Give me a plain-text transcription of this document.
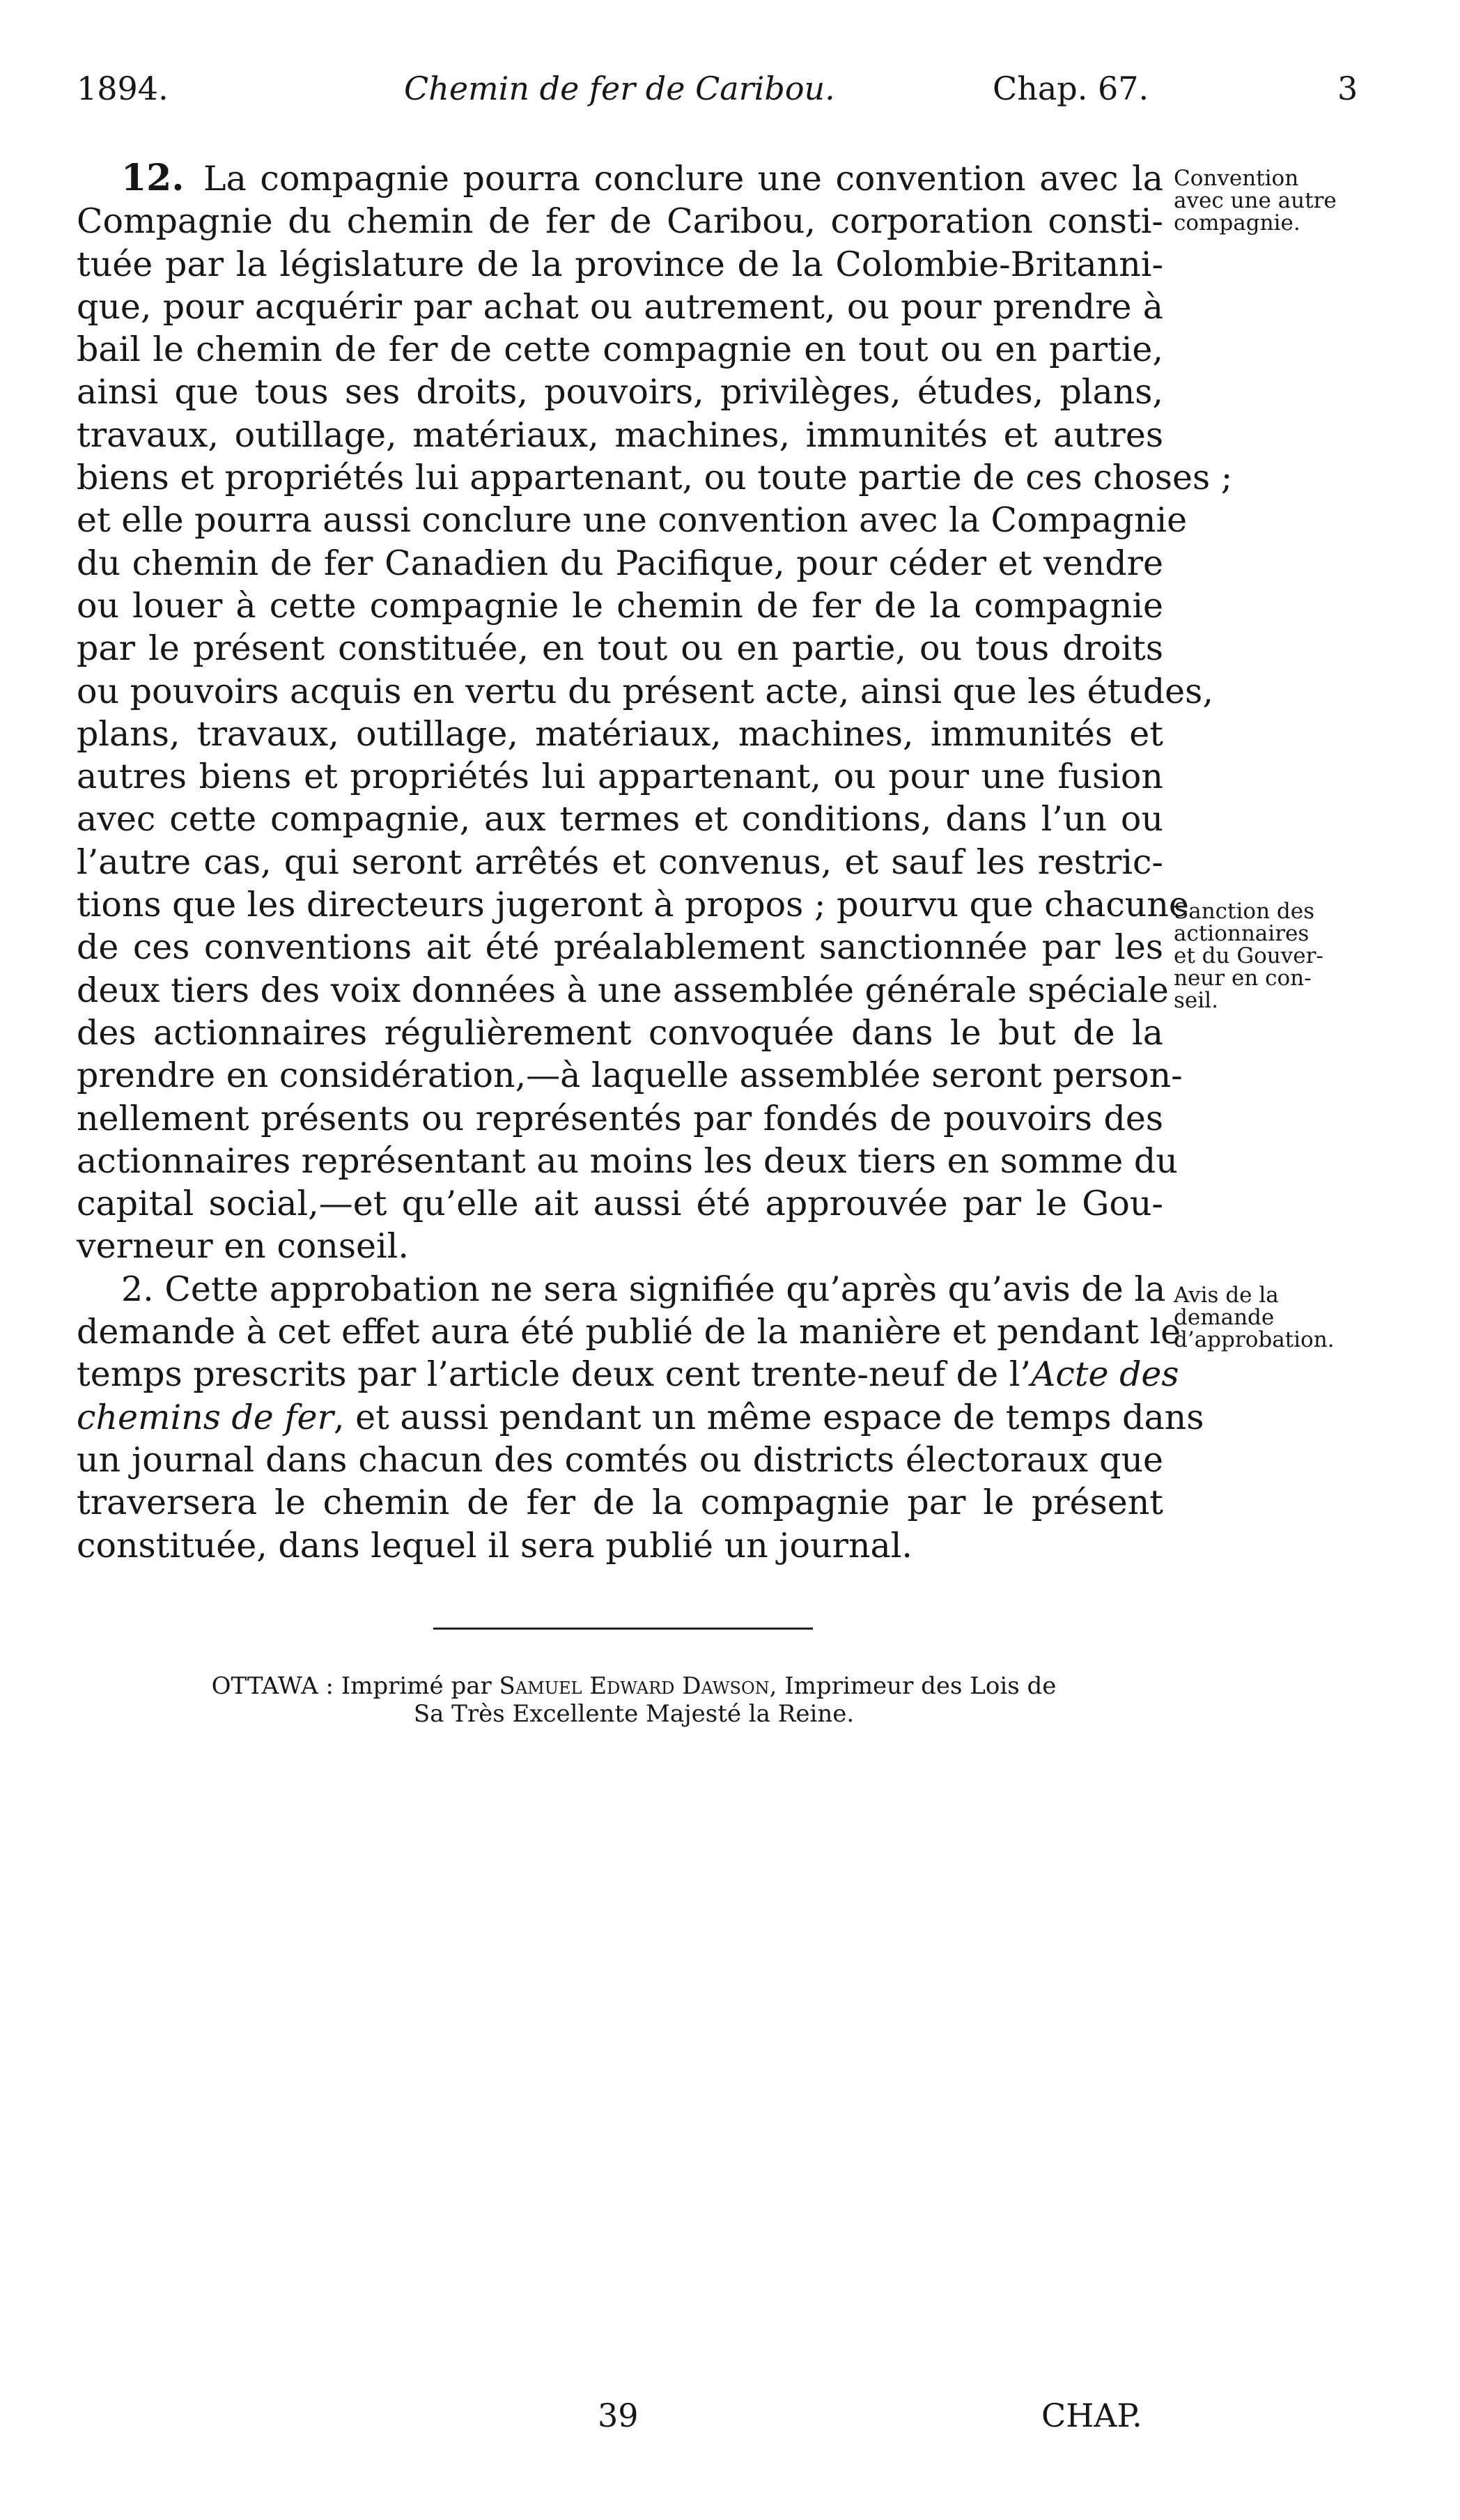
1894.	Chemin de fer de Caribou.	Chap. 67.	3

12. La compagnie pourra conclure une convention avec la
Compagnie du chemin de fer de Caribou, corporation consti-
tuée par la législature de la province de la Colombie-Britanni-
que, pour acquérir par achat ou autrement, ou pour prendre à
bail le chemin de fer de cette compagnie en tout ou en partie,
ainsi que tous ses droits, pouvoirs, privilèges, études, plans,
travaux, outillage, matériaux, machines, immunités et autres
biens et propriétés lui appartenant, ou toute partie de ces choses ;
et elle pourra aussi conclure une convention avec la Compagnie
du chemin de fer Canadien du Pacifique, pour céder et vendre
ou louer à cette compagnie le chemin de fer de la compagnie
par le présent constituée, en tout ou en partie, ou tous droits
ou pouvoirs acquis en vertu du présent acte, ainsi que les études,
plans, travaux, outillage, matériaux, machines, immunités et
autres biens et propriétés lui appartenant, ou pour une fusion
avec cette compagnie, aux termes et conditions, dans l’un ou
l’autre cas, qui seront arrêtés et convenus, et sauf les restric-
tions que les directeurs jugeront à propos ; pourvu que chacune
de ces conventions ait été préalablement sanctionnée par les
deux tiers des voix données à une assemblée générale spéciale
des actionnaires régulièrement convoquée dans le but de la
prendre en considération,—à laquelle assemblée seront person-
nellement présents ou représentés par fondés de pouvoirs des
actionnaires représentant au moins les deux tiers en somme du
capital social,—et qu’elle ait aussi été approuvée par le Gou-
verneur en conseil.

2. Cette approbation ne sera signifiée qu’après qu’avis de la
demande à cet effet aura été publié de la manière et pendant le
temps prescrits par l’article deux cent trente-neuf de l’Acte des
chemins de fer, et aussi pendant un même espace de temps dans
un journal dans chacun des comtés ou districts électoraux que
traversera le chemin de fer de la compagnie par le présent
constituée, dans lequel il sera publié un journal.

Convention
avec une autre
compagnie.
Sanction des
actionnaires
et du Gouver-
neur en con-
seil.
Avis de la
demande
d’approbation.
OTTAWA : Imprimé par Samuel Edward Dawson, Imprimeur des Lois de
Sa Très Excellente Majesté la Reine.
39	CHAP.
